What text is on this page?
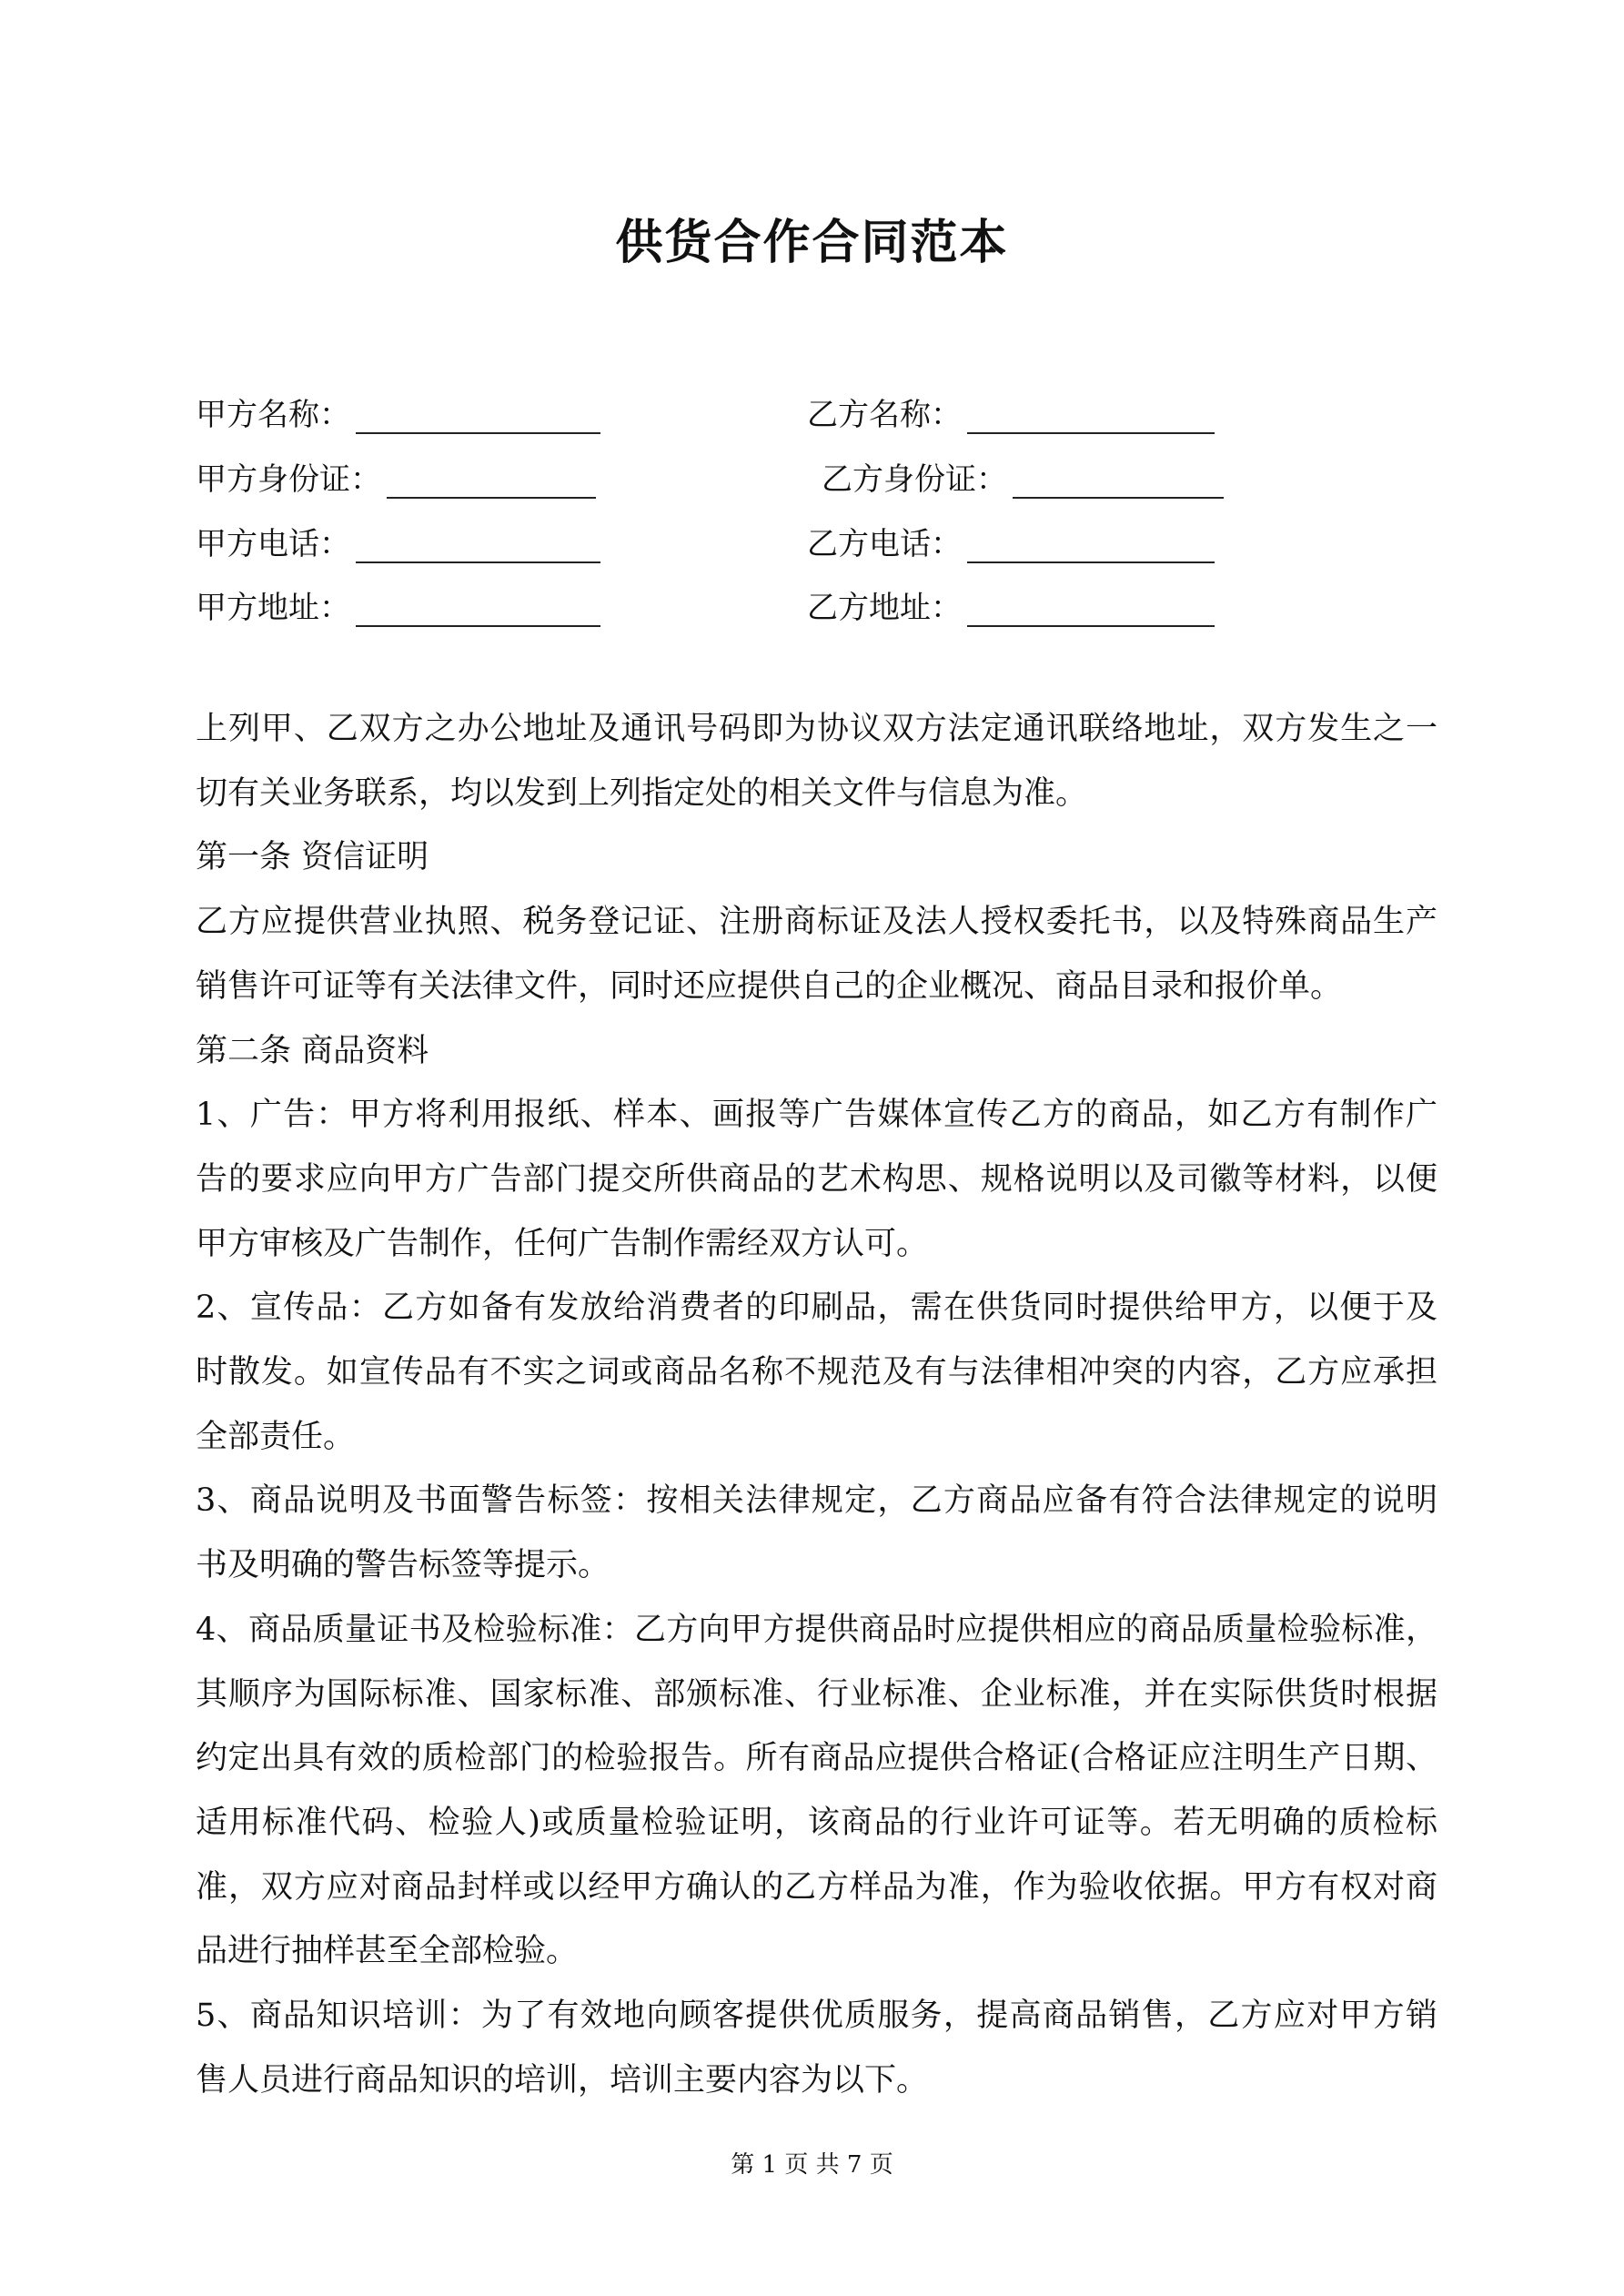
供货合作合同范本
甲方名称：
甲方身份证：
甲方电话：
甲方地址：
乙方名称：
乙方身份证：
乙方电话：
乙方地址：
上列甲、乙双方之办公地址及通讯号码即为协议双方法定通讯联络地址，双方发生之一
切有关业务联系，均以发到上列指定处的相关文件与信息为准。
第一条 资信证明
乙方应提供营业执照、税务登记证、注册商标证及法人授权委托书，以及特殊商品生产
销售许可证等有关法律文件，同时还应提供自己的企业概况、商品目录和报价单。
第二条 商品资料
1、广告：甲方将利用报纸、样本、画报等广告媒体宣传乙方的商品，如乙方有制作广
告的要求应向甲方广告部门提交所供商品的艺术构思、规格说明以及司徽等材料，以便
甲方审核及广告制作，任何广告制作需经双方认可。
2、宣传品：乙方如备有发放给消费者的印刷品，需在供货同时提供给甲方，以便于及
时散发。如宣传品有不实之词或商品名称不规范及有与法律相冲突的内容，乙方应承担
全部责任。
3、商品说明及书面警告标签：按相关法律规定，乙方商品应备有符合法律规定的说明
书及明确的警告标签等提示。
4、商品质量证书及检验标准：乙方向甲方提供商品时应提供相应的商品质量检验标准，
其顺序为国际标准、国家标准、部颁标准、行业标准、企业标准，并在实际供货时根据
约定出具有效的质检部门的检验报告。所有商品应提供合格证(合格证应注明生产日期、
适用标准代码、检验人)或质量检验证明，该商品的行业许可证等。若无明确的质检标
准，双方应对商品封样或以经甲方确认的乙方样品为准，作为验收依据。甲方有权对商
品进行抽样甚至全部检验。
5、商品知识培训：为了有效地向顾客提供优质服务，提高商品销售，乙方应对甲方销
售人员进行商品知识的培训，培训主要内容为以下。
第 1 页 共 7 页
